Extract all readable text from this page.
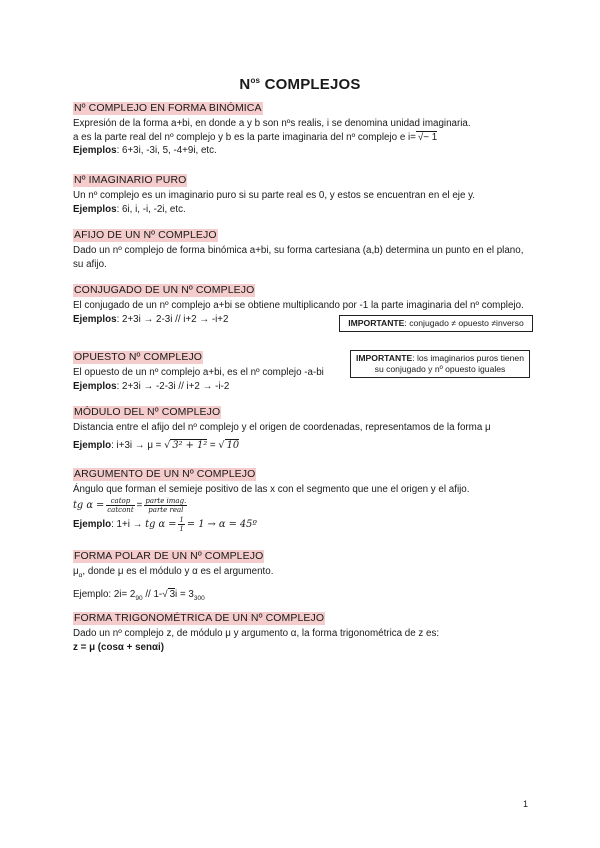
$N^{os}$ COMPLEJOS
Nº COMPLEJO EN FORMA BINÓMICA
Expresión de la forma a+bi, en donde a y b son nºs realis, i se denomina unidad imaginaria.
a es la parte real del nº complejo y b es la parte imaginaria del nº complejo e i= √− 1
Ejemplos: 6+3i, -3i, 5, -4+9i, etc.
Nº IMAGINARIO PURO
Un nº complejo es un imaginario puro si su parte real es 0, y estos se encuentran en el eje y.
Ejemplos: 6i, i, -i, -2i, etc.
AFIJO DE UN Nº COMPLEJO
Dado un nº complejo de forma binómica a+bi, su forma cartesiana (a,b) determina un punto en el plano, su afijo.
CONJUGADO DE UN Nº COMPLEJO
El conjugado de un nº complejo a+bi se obtiene multiplicando por -1 la parte imaginaria del nº complejo.
Ejemplos: 2+3i → 2-3i // i+2 → -i+2	IMPORTANTE: conjugado ≠ opuesto ≠inverso
OPUESTO Nº COMPLEJO
El opuesto de un nº complejo a+bi, es el nº complejo -a-bi
Ejemplos: 2+3i → -2-3i // i+2 → -i-2
IMPORTANTE: los imaginarios puros tienen su conjugado y nº opuesto iguales
MÓDULO DEL Nº COMPLEJO
Distancia entre el afijo del nº complejo y el origen de coordenadas, representamos de la forma μ
Ejemplo: i+3i → μ = √ 3² + 1² = √ 10
ARGUMENTO DE UN Nº COMPLEJO
Ángulo que forman el semieje positivo de las x con el segmento que une el origen y el afijo.
tg $\alpha = \frac{\text{catop}}{\text{catcont}} = \frac{\text{parte imag.}}{\text{parte real}}$
Ejemplo: 1+i → tg $\alpha = \frac{1}{1} = 1 \to \alpha$ = 45º
FORMA POLAR DE UN Nº COMPLEJO
$\mu_\alpha$, donde μ es el módulo y α es el argumento.
Ejemplo: $2i= 2_{90} // 1-√$ $3i = 3_{300}$
FORMA TRIGONOMÉTRICA DE UN Nº COMPLEJO
Dado un nº complejo z, de módulo μ y argumento α, la forma trigonométrica de z es:
z = μ (cosα + senαi)
1
